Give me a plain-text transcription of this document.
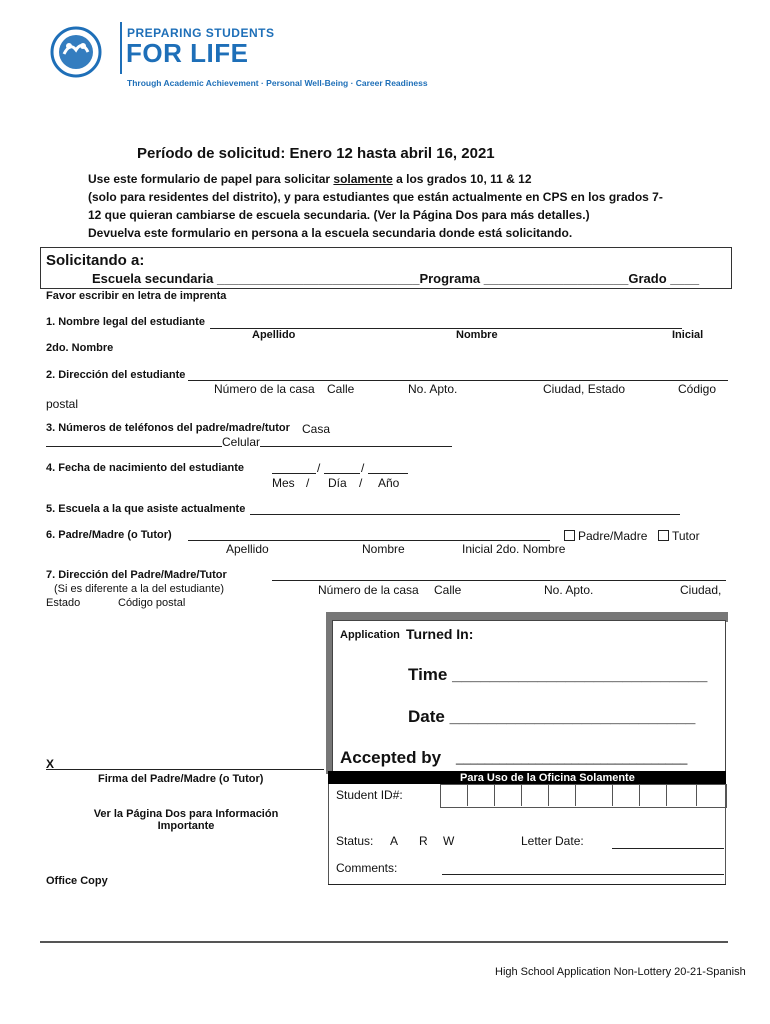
PREPARING STUDENTS
FOR LIFE
Through Academic Achievement · Personal Well-Being · Career Readiness
Período de solicitud: Enero 12 hasta abril 16, 2021
Use este formulario de papel para solicitar solamente a los grados 10, 11 & 12
(solo para residentes del distrito), y para estudiantes que están actualmente en CPS en los grados 7-
12 que quieran cambiarse de escuela secundaria. (Ver la Página Dos para más detalles.)
Devuelva este formulario en persona a la escuela secundaria donde está solicitando.
Solicitando a:
Escuela secundaria ____________________________Programa ____________________Grado ____
Favor escribir en letra de imprenta
1. Nombre legal del estudiante
Apellido	Nombre	Inicial
2do. Nombre
2. Dirección del estudiante
Número de la casa Calle	No. Apto.	Ciudad, Estado	Código
postal
3. Números de teléfonos del padre/madre/tutor Casa
Celular
4. Fecha de nacimiento del estudiante	/	/
Mes / Día / Año
5. Escuela a la que asiste actualmente
6. Padre/Madre (o Tutor)	Padre/Madre	Tutor
Apellido	Nombre	Inicial 2do. Nombre
7. Dirección del Padre/Madre/Tutor
(Si es diferente a la del estudiante)
Estado	Código postal
Número de la casa Calle	No. Apto.	Ciudad,
Application Turned In:
Time ___________________________
Date __________________________
Accepted by ________________________________
X
Firma del Padre/Madre (o Tutor)
Ver la Página Dos para Información
Importante
Para Uso de la Oficina Solamente
Student ID#:
Status: A R W	Letter Date:
Comments:
Office Copy
High School Application Non-Lottery 20-21-Spanish
